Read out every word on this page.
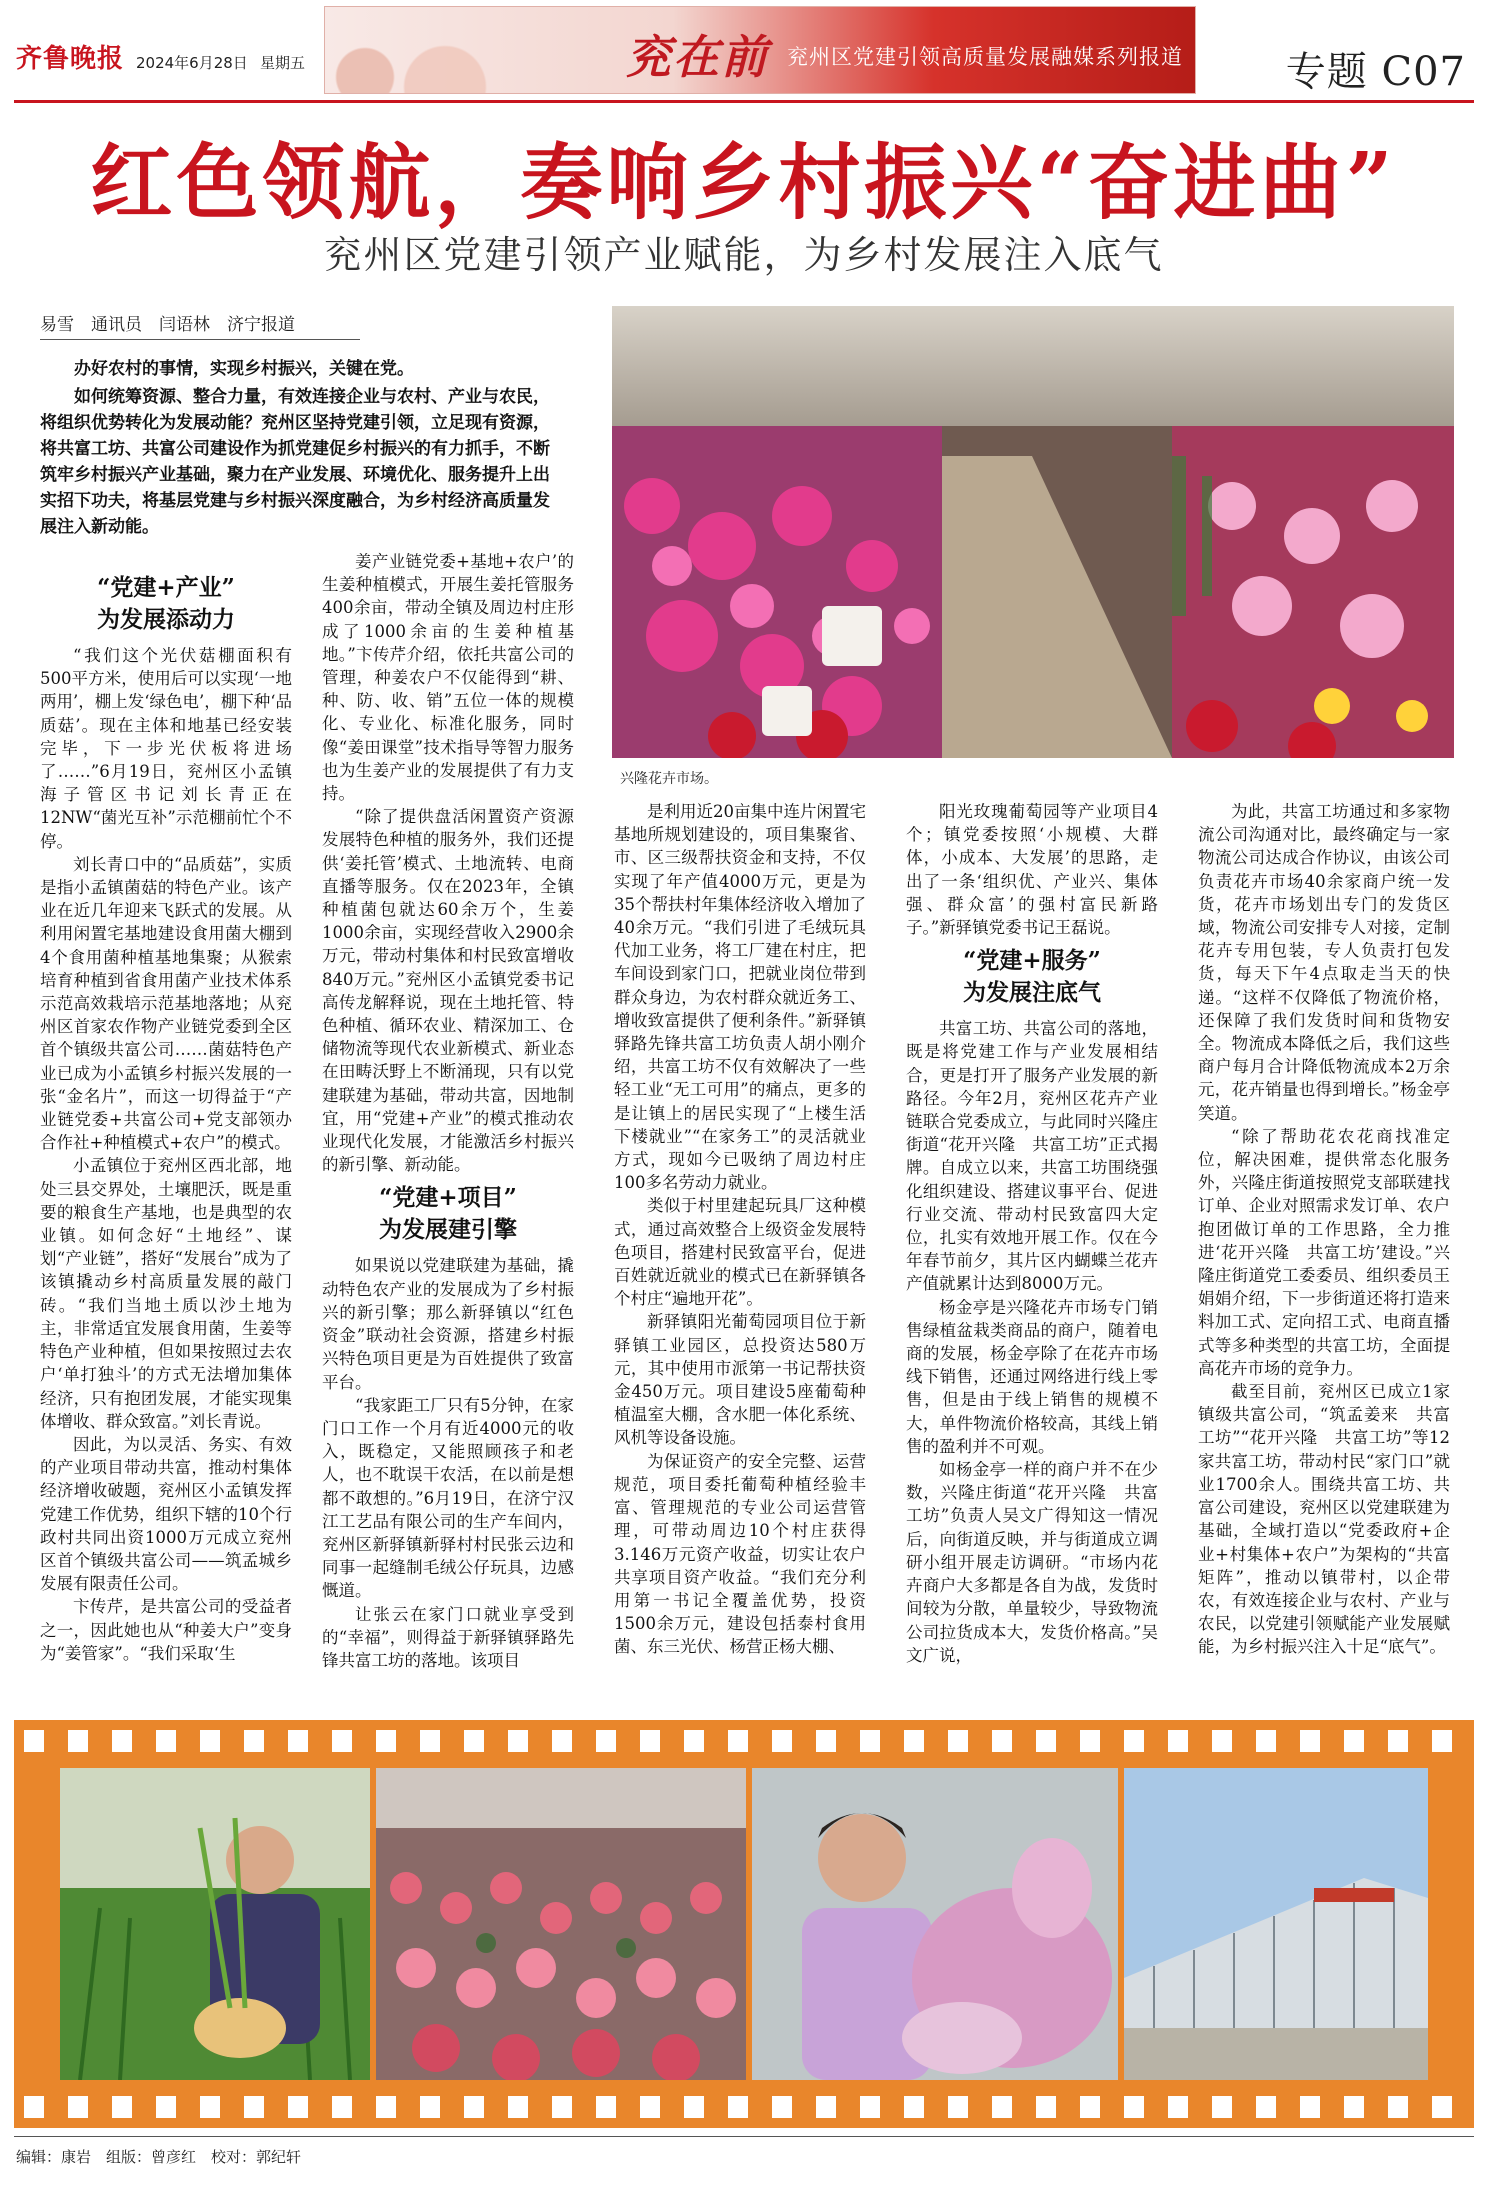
齐鲁晚报 2024年6月28日 星期五	兖在前 兖州区党建引领高质量发展融媒系列报道	专题 C07
红色领航，奏响乡村振兴“奋进曲”
兖州区党建引领产业赋能，为乡村发展注入底气
易雪　通讯员　闫语林　济宁报道

办好农村的事情，实现乡村振兴，关键在党。

如何统筹资源、整合力量，有效连接企业与农村、产业与农民，将组织优势转化为发展动能？兖州区坚持党建引领，立足现有资源，将共富工坊、共富公司建设作为抓党建促乡村振兴的有力抓手，不断筑牢乡村振兴产业基础，聚力在产业发展、环境优化、服务提升上出实招下功夫，将基层党建与乡村振兴深度融合，为乡村经济高质量发展注入新动能。

兴隆花卉市场。
“党建+产业”
为发展添动力

“我们这个光伏菇棚面积有500平方米，使用后可以实现‘一地两用’，棚上发‘绿色电’，棚下种‘品质菇’。现在主体和地基已经安装完毕，下一步光伏板将进场了……”6月19日，兖州区小孟镇海子管区书记刘长青正在12NW“菌光互补”示范棚前忙个不停。

刘长青口中的“品质菇”，实质是指小孟镇菌菇的特色产业。该产业在近几年迎来飞跃式的发展。从利用闲置宅基地建设食用菌大棚到4个食用菌种植基地集聚；从猴索培育种植到省食用菌产业技术体系示范高效栽培示范基地落地；从兖州区首家农作物产业链党委到全区首个镇级共富公司……菌菇特色产业已成为小孟镇乡村振兴发展的一张“金名片”，而这一切得益于“产业链党委+共富公司+党支部领办合作社+种植模式+农户”的模式。

小孟镇位于兖州区西北部，地处三县交界处，土壤肥沃，既是重要的粮食生产基地，也是典型的农业镇。如何念好“土地经”、谋划“产业链”，搭好“发展台”成为了该镇撬动乡村高质量发展的敲门砖。“我们当地土质以沙土地为主，非常适宜发展食用菌，生姜等特色产业种植，但如果按照过去农户‘单打独斗’的方式无法增加集体经济，只有抱团发展，才能实现集体增收、群众致富。”刘长青说。

因此，为以灵活、务实、有效的产业项目带动共富，推动村集体经济增收破题，兖州区小孟镇发挥党建工作优势，组织下辖的10个行政村共同出资1000万元成立兖州区首个镇级共富公司——筑孟城乡发展有限责任公司。

卞传芹，是共富公司的受益者之一，因此她也从“种姜大户”变身为“姜管家”。“我们采取‘生

姜产业链党委+基地+农户’的生姜种植模式，开展生姜托管服务400余亩，带动全镇及周边村庄形成了1000余亩的生姜种植基地。”卞传芹介绍，依托共富公司的管理，种姜农户不仅能得到“耕、种、防、收、销”五位一体的规模化、专业化、标准化服务，同时像“姜田课堂”技术指导等智力服务也为生姜产业的发展提供了有力支持。

“除了提供盘活闲置资产资源发展特色种植的服务外，我们还提供‘姜托管’模式、土地流转、电商直播等服务。仅在2023年，全镇种植菌包就达60余万个，生姜1000余亩，实现经营收入2900余万元，带动村集体和村民致富增收840万元。”兖州区小孟镇党委书记高传龙解释说，现在土地托管、特色种植、循环农业、精深加工、仓储物流等现代农业新模式、新业态在田畴沃野上不断涌现，只有以党建联建为基础，带动共富，因地制宜，用“党建+产业”的模式推动农业现代化发展，才能激活乡村振兴的新引擎、新动能。

“党建+项目”
为发展建引擎

如果说以党建联建为基础，撬动特色农产业的发展成为了乡村振兴的新引擎；那么新驿镇以“红色资金”联动社会资源，搭建乡村振兴特色项目更是为百姓提供了致富平台。

“我家距工厂只有5分钟，在家门口工作一个月有近4000元的收入，既稳定，又能照顾孩子和老人，也不耽误干农活，在以前是想都不敢想的。”6月19日，在济宁汉江工艺品有限公司的生产车间内，兖州区新驿镇新驿村村民张云边和同事一起缝制毛绒公仔玩具，边感慨道。

让张云在家门口就业享受到的“幸福”，则得益于新驿镇驿路先锋共富工坊的落地。该项目

是利用近20亩集中连片闲置宅基地所规划建设的，项目集聚省、市、区三级帮扶资金和支持，不仅实现了年产值4000万元，更是为35个帮扶村年集体经济收入增加了40余万元。“我们引进了毛绒玩具代加工业务，将工厂建在村庄，把车间设到家门口，把就业岗位带到群众身边，为农村群众就近务工、增收致富提供了便利条件。”新驿镇驿路先锋共富工坊负责人胡小刚介绍，共富工坊不仅有效解决了一些轻工业“无工可用”的痛点，更多的是让镇上的居民实现了“上楼生活下楼就业”“在家务工”的灵活就业方式，现如今已吸纳了周边村庄100多名劳动力就业。

类似于村里建起玩具厂这种模式，通过高效整合上级资金发展特色项目，搭建村民致富平台，促进百姓就近就业的模式已在新驿镇各个村庄“遍地开花”。

新驿镇阳光葡萄园项目位于新驿镇工业园区，总投资达580万元，其中使用市派第一书记帮扶资金450万元。项目建设5座葡萄种植温室大棚，含水肥一体化系统、风机等设备设施。

为保证资产的安全完整、运营规范，项目委托葡萄种植经验丰富、管理规范的专业公司运营管理，可带动周边10个村庄获得3.146万元资产收益，切实让农户共享项目资产收益。“我们充分利用第一书记全覆盖优势，投资1500余万元，建设包括泰村食用菌、东三光伏、杨营正杨大棚、

阳光玫瑰葡萄园等产业项目4个；镇党委按照‘小规模、大群体，小成本、大发展’的思路，走出了一条‘组织优、产业兴、集体强、群众富’的强村富民新路子。”新驿镇党委书记王磊说。

“党建+服务”
为发展注底气

共富工坊、共富公司的落地，既是将党建工作与产业发展相结合，更是打开了服务产业发展的新路径。今年2月，兖州区花卉产业链联合党委成立，与此同时兴隆庄街道“花开兴隆　共富工坊”正式揭牌。自成立以来，共富工坊围绕强化组织建设、搭建议事平台、促进行业交流、带动村民致富四大定位，扎实有效地开展工作。仅在今年春节前夕，其片区内蝴蝶兰花卉产值就累计达到8000万元。

杨金亭是兴隆花卉市场专门销售绿植盆栽类商品的商户，随着电商的发展，杨金亭除了在花卉市场线下销售，还通过网络进行线上零售，但是由于线上销售的规模不大，单件物流价格较高，其线上销售的盈利并不可观。

如杨金亭一样的商户并不在少数，兴隆庄街道“花开兴隆　共富工坊”负责人吴文广得知这一情况后，向街道反映，并与街道成立调研小组开展走访调研。“市场内花卉商户大多都是各自为战，发货时间较为分散，单量较少，导致物流公司拉货成本大，发货价格高。”吴文广说，

为此，共富工坊通过和多家物流公司沟通对比，最终确定与一家物流公司达成合作协议，由该公司负责花卉市场40余家商户统一发货，花卉市场划出专门的发货区域，物流公司安排专人对接，定制花卉专用包装，专人负责打包发货，每天下午4点取走当天的快递。“这样不仅降低了物流价格，还保障了我们发货时间和货物安全。物流成本降低之后，我们这些商户每月合计降低物流成本2万余元，花卉销量也得到增长。”杨金亭笑道。

“除了帮助花农花商找准定位，解决困难，提供常态化服务外，兴隆庄街道按照党支部联建找订单、企业对照需求发订单、农户抱团做订单的工作思路，全力推进‘花开兴隆　共富工坊’建设。”兴隆庄街道党工委委员、组织委员王娟娟介绍，下一步街道还将打造来料加工式、定向招工式、电商直播式等多种类型的共富工坊，全面提高花卉市场的竞争力。

截至目前，兖州区已成立1家镇级共富公司，“筑孟姜来　共富工坊”“花开兴隆　共富工坊”等12家共富工坊，带动村民“家门口”就业1700余人。围绕共富工坊、共富公司建设，兖州区以党建联建为基础，全域打造以“党委政府+企业+村集体+农户”为架构的“共富矩阵”，推动以镇带村，以企带农，有效连接企业与农村、产业与农民，以党建引领赋能产业发展赋能，为乡村振兴注入十足“底气”。

编辑：康岩　组版：曾彦红　校对：郭纪轩
